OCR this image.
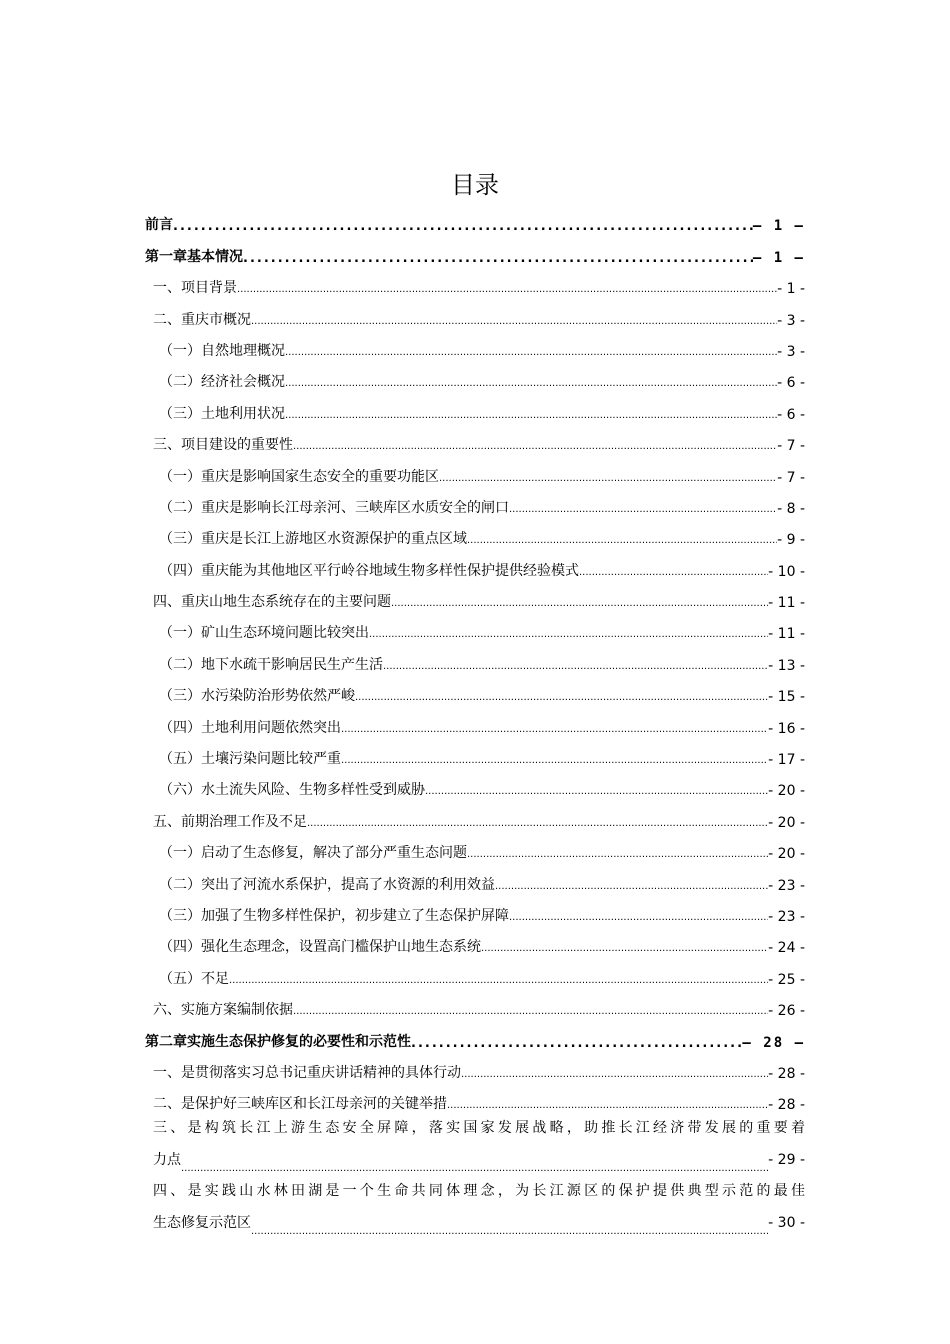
目录
前言 .....	– 1 –
第一章基本情况 .....	– 1 –
一、项目背景 .....	- 1 -
二、重庆市概况 .....	- 3 -
（一）自然地理概况 .....	- 3 -
（二）经济社会概况 .....	- 6 -
（三）土地利用状况 .....	- 6 -
三、项目建设的重要性 .....	- 7 -
（一）重庆是影响国家生态安全的重要功能区 .....	- 7 -
（二）重庆是影响长江母亲河、三峡库区水质安全的闸口 .....	- 8 -
（三）重庆是长江上游地区水资源保护的重点区域 .....	- 9 -
（四）重庆能为其他地区平行岭谷地域生物多样性保护提供经验模式 .....	- 10 -
四、重庆山地生态系统存在的主要问题 .....	- 11 -
（一）矿山生态环境问题比较突出 .....	- 11 -
（二）地下水疏干影响居民生产生活 .....	- 13 -
（三）水污染防治形势依然严峻 .....	- 15 -
（四）土地利用问题依然突出 .....	- 16 -
（五）土壤污染问题比较严重 .....	- 17 -
（六）水土流失风险、生物多样性受到威胁 .....	- 20 -
五、前期治理工作及不足 .....	- 20 -
（一）启动了生态修复，解决了部分严重生态问题 .....	- 20 -
（二）突出了河流水系保护，提高了水资源的利用效益 .....	- 23 -
（三）加强了生物多样性保护，初步建立了生态保护屏障 .....	- 23 -
（四）强化生态理念，设置高门槛保护山地生态系统 .....	- 24 -
（五）不足 .....	- 25 -
六、实施方案编制依据 .....	- 26 -
第二章实施生态保护修复的必要性和示范性 .....	– 28 –
一、是贯彻落实习总书记重庆讲话精神的具体行动 .....	- 28 -
二、是保护好三峡库区和长江母亲河的关键举措 .....	- 28 -
三、是构筑长江上游生态安全屏障，落实国家发展战略，助推长江经济带发展的重要着
力点
.....	- 29 -
四、是实践山水林田湖是一个生命共同体理念，为长江源区的保护提供典型示范的最佳
生态修复示范区
.....	- 30 -
